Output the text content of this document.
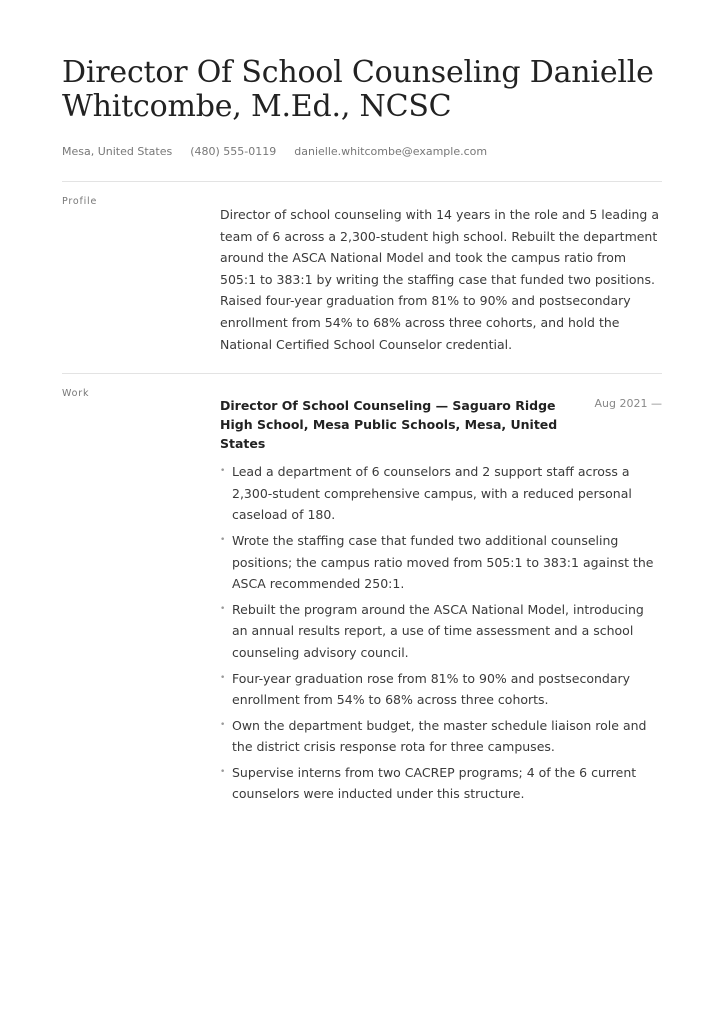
Director Of School Counseling Danielle Whitcombe, M.Ed., NCSC
Mesa, United States (480) 555-0119 danielle.whitcombe@example.com
Profile

Director of school counseling with 14 years in the role and 5 leading a team of 6 across a 2,300-student high school. Rebuilt the department around the ASCA National Model and took the campus ratio from 505:1 to 383:1 by writing the staffing case that funded two positions. Raised four-year graduation from 81% to 90% and postsecondary enrollment from 54% to 68% across three cohorts, and hold the National Certified School Counselor credential.

Work
Director Of School Counseling — Saguaro Ridge High School, Mesa Public Schools, Mesa, United States
Aug 2021 —
• Lead a department of 6 counselors and 2 support staff across a 2,300-student comprehensive campus, with a reduced personal caseload of 180.
• Wrote the staffing case that funded two additional counseling positions; the campus ratio moved from 505:1 to 383:1 against the ASCA recommended 250:1.
• Rebuilt the program around the ASCA National Model, introducing an annual results report, a use of time assessment and a school counseling advisory council.
• Four-year graduation rose from 81% to 90% and postsecondary enrollment from 54% to 68% across three cohorts.
• Own the department budget, the master schedule liaison role and the district crisis response rota for three campuses.
• Supervise interns from two CACREP programs; 4 of the 6 current counselors were inducted under this structure.
